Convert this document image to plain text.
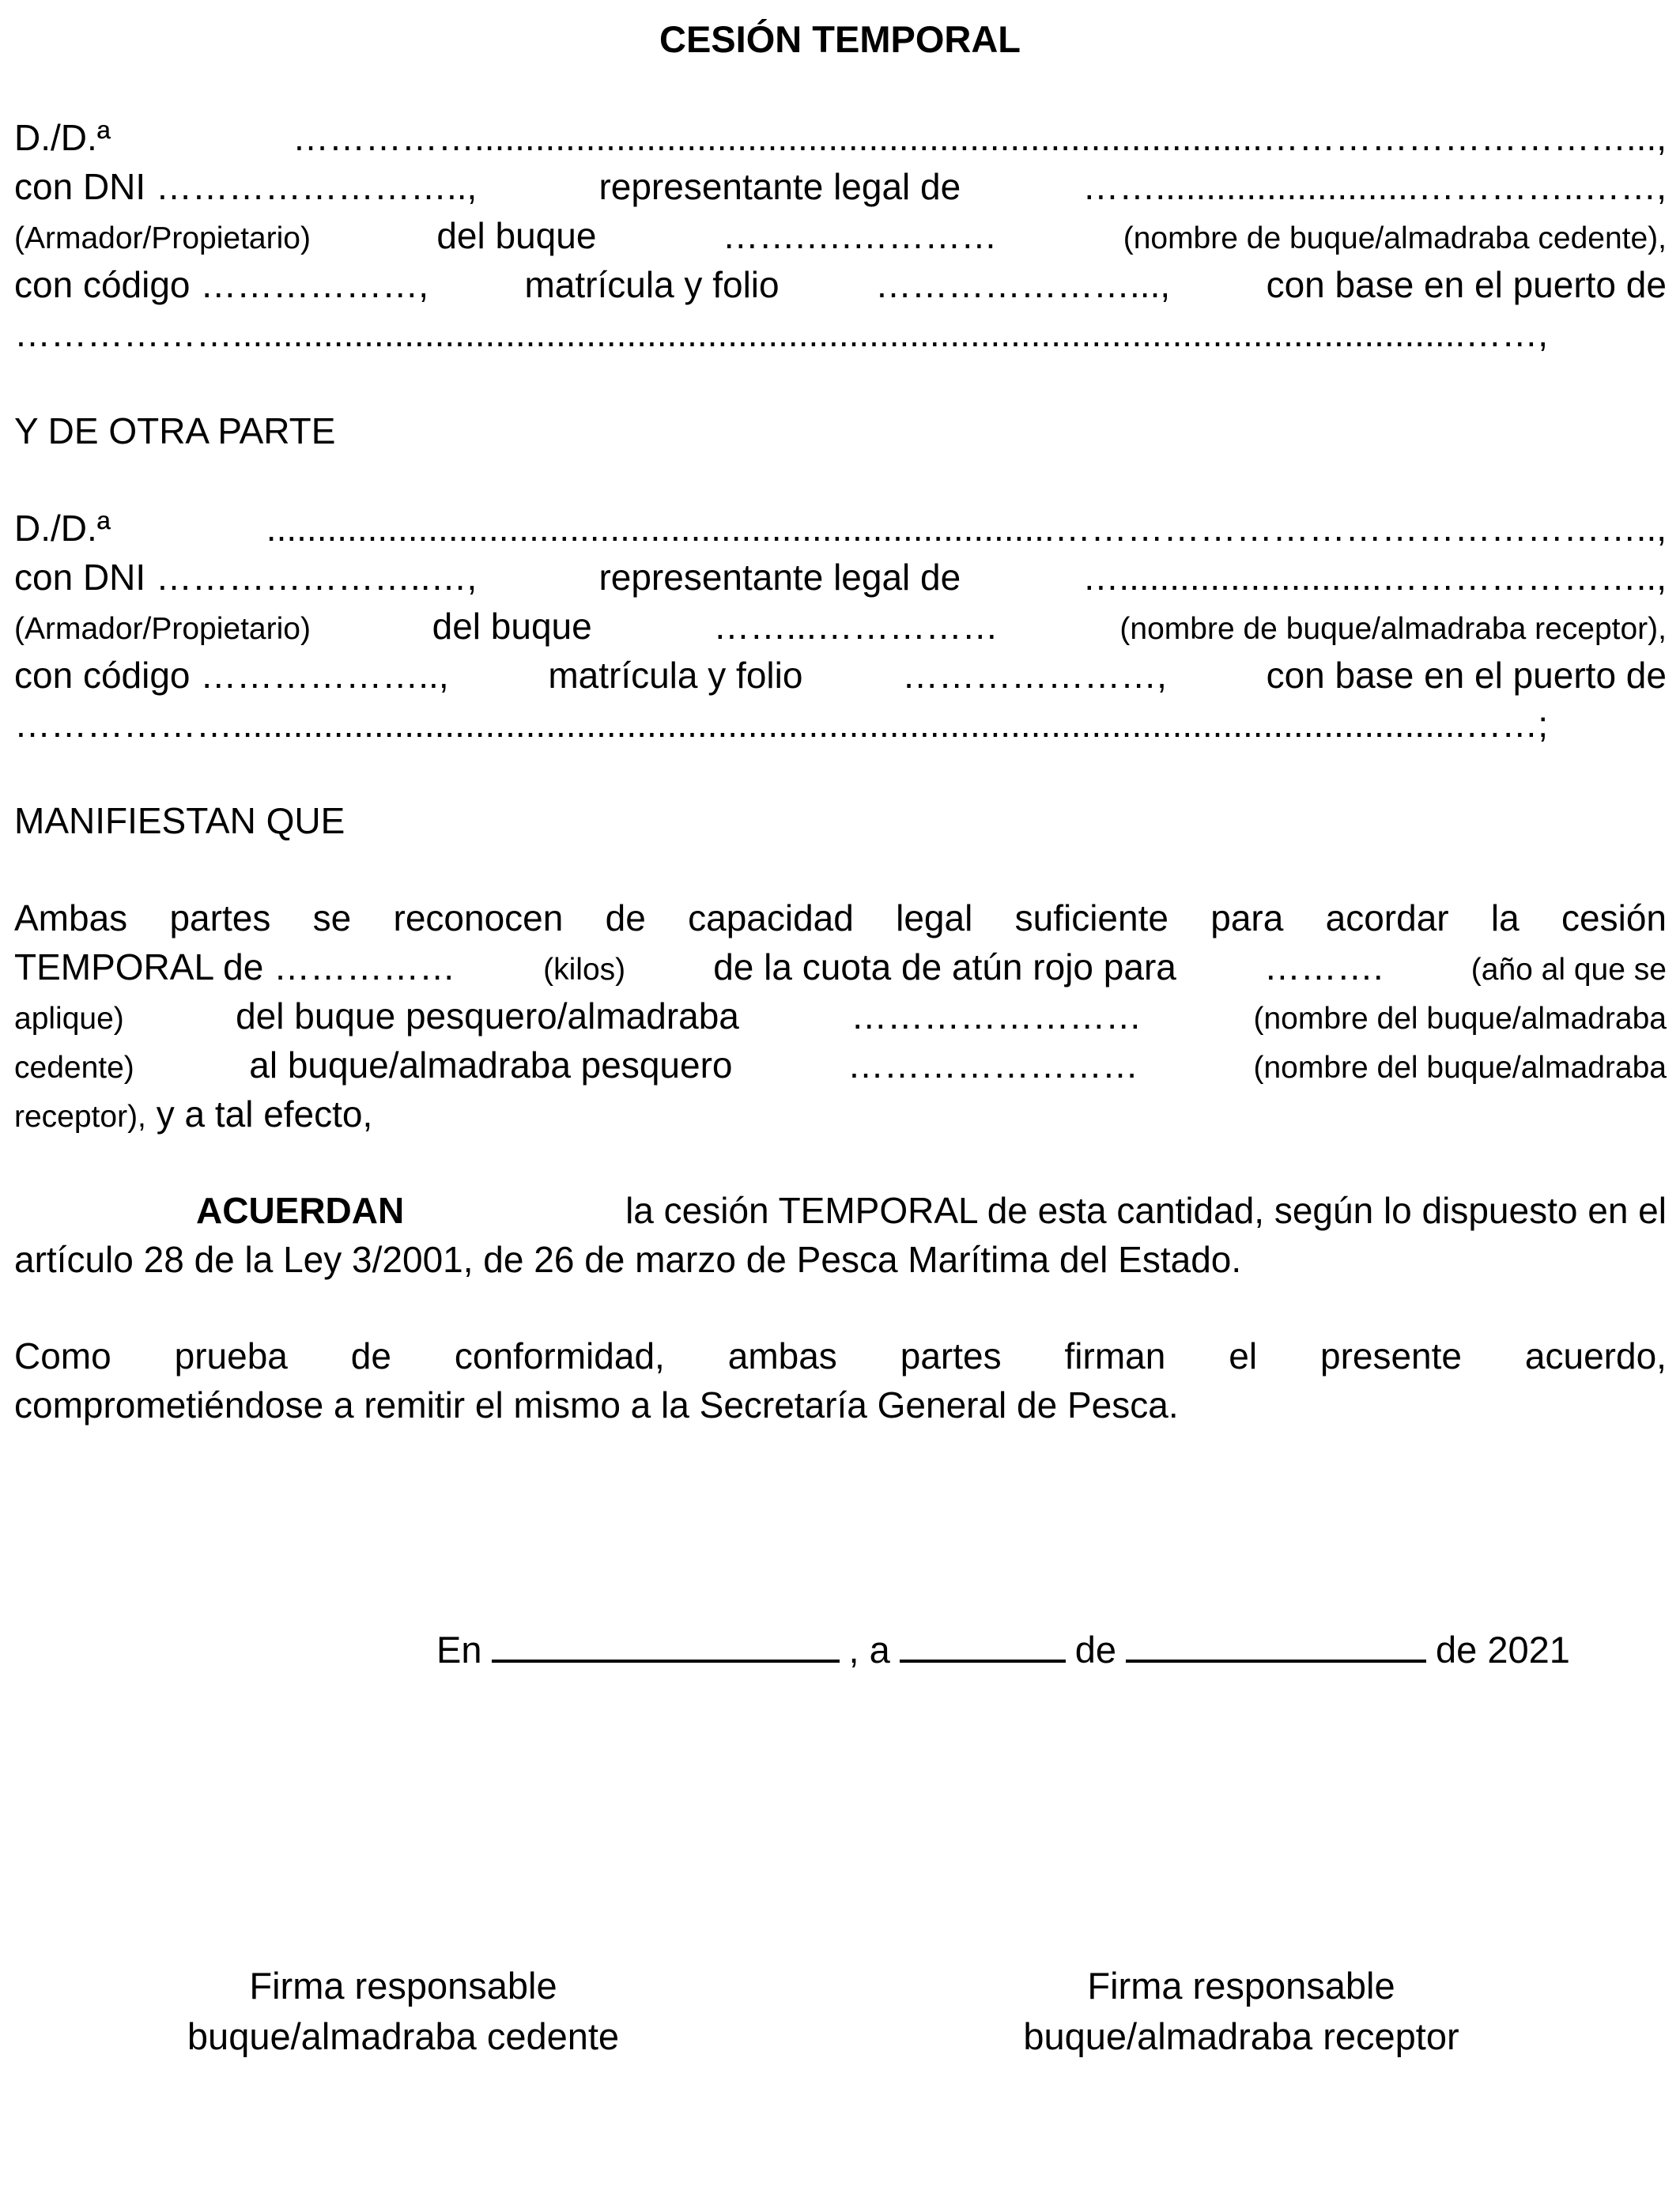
CESIÓN TEMPORAL
D./D.ª	……………..............................................................................…………………………...,
con DNI ……………………..,	representante legal de	……..........................…………..……,
(Armador/Propietario)	del buque	…….….…………	(nombre de buque/almadraba cedente),
con código ………………,	matrícula y folio	…………………...,	con base en el puerto de
………………..........................................................................................................................……,
Y DE OTRA PARTE
D./D.ª	..............................................................................…………………………………………..,
con DNI …………………..…,	representante legal de	…..........................…………………..,
(Armador/Propietario)	del buque	……...……………	(nombre de buque/almadraba receptor),
con código ………………..,	matrícula y folio	…………………,	con base en el puerto de
………………..........................................................................................................................……;
MANIFIESTAN QUE
Ambas partes se reconocen de capacidad legal suficiente para acordar la cesión
TEMPORAL de ……………	(kilos) de la cuota de atún rojo para ……….	(año al que se
aplique)	del buque pesquero/almadraba	……………………	(nombre del buque/almadraba
cedente)	al buque/almadraba pesquero	……………………	(nombre del buque/almadraba
receptor),
y a tal efecto,
ACUERDAN	la cesión TEMPORAL de esta cantidad, según lo dispuesto en el
artículo 28 de la Ley 3/2001, de 26 de marzo de Pesca Marítima del Estado.
Como prueba de conformidad, ambas partes firman el presente acuerdo,
comprometiéndose a remitir el mismo a la Secretaría General de Pesca.
En	, a	de	de 2021
Firma responsable
buque/almadraba cedente
Firma responsable
buque/almadraba receptor
